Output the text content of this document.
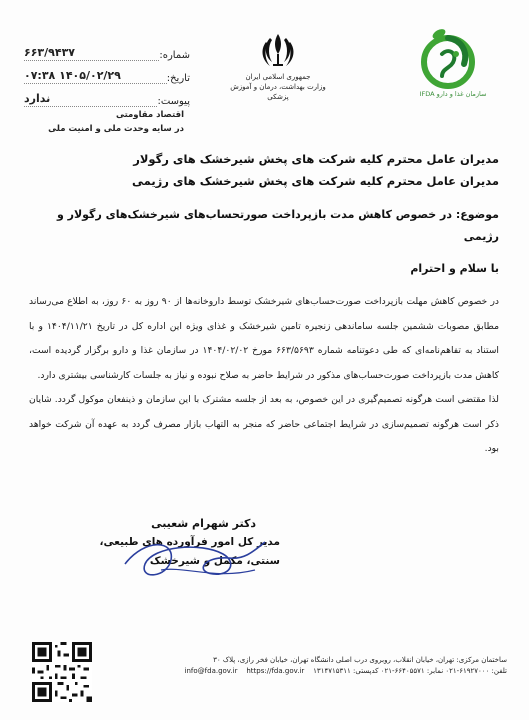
شماره:
۶۶۳/۹۴۳۷
تاریخ:
۱۴۰۵/۰۲/۲۹ ۰۷:۳۸
پیوست:
ندارد
اقتصاد مقاومتی
در سایه وحدت ملی و امنیت ملی
جمهوری اسلامی ایران
وزارت بهداشت، درمان و آموزش پزشکی	سازمان غذا و دارو IFDA
مدیران عامل محترم کلیه شرکت های پخش شیرخشک های رگولار
مدیران عامل محترم کلیه شرکت های پخش شیرخشک های رژیمی
موضوع: در خصوص کاهش مدت بازپرداخت صورتحساب‌های شیرخشک‌های رگولار و رژیمی
با سلام و احترام

در خصوص کاهش مهلت بازپرداخت صورت‌حساب‌های شیرخشک توسط داروخانه‌ها از ۹۰ روز به ۶۰ روز، به اطلاع می‌رساند مطابق مصوبات ششمین جلسه ساماندهی زنجیره تامین شیرخشک و غذای ویژه این اداره کل در تاریخ ۱۴۰۴/۱۱/۲۱ و با استناد به تفاهم‌نامه‌ای که طی دعوتنامه شماره ۶۶۳/۵۶۹۳ مورخ ۱۴۰۴/۰۲/۰۲ در سازمان غذا و دارو برگزار گردیده است، کاهش مدت بازپرداخت صورت‌حساب‌های مذکور در شرایط حاضر به صلاح نبوده و نیاز به جلسات کارشناسی بیشتری دارد.

لذا مقتضی است هرگونه تصمیم‌گیری در این خصوص، به بعد از جلسه مشترک با این سازمان و ذینفعان موکول گردد. شایان ذکر است هرگونه تصمیم‌سازی در شرایط اجتماعی حاضر که منجر به التهاب بازار مصرف گردد به عهده آن شرکت خواهد بود.

دکتر شهرام شعیبی
مدیر کل امور فرآورده های طبیعی،
سنتی، مکمل و شیرخشک
ساختمان مرکزی: تهران، خیابان انقلاب، روبروی درب اصلی دانشگاه تهران، خیابان فخر رازی، پلاک ۳۰
تلفن: ۶۱۹۲۷۰۰۰-۰۲۱ نمابر: ۶۶۴۰۵۵۷۱-۰۲۱ کدپستی: ۱۳۱۴۷۱۵۳۱۱    info@fda.gov.ir https://fda.gov.ir
